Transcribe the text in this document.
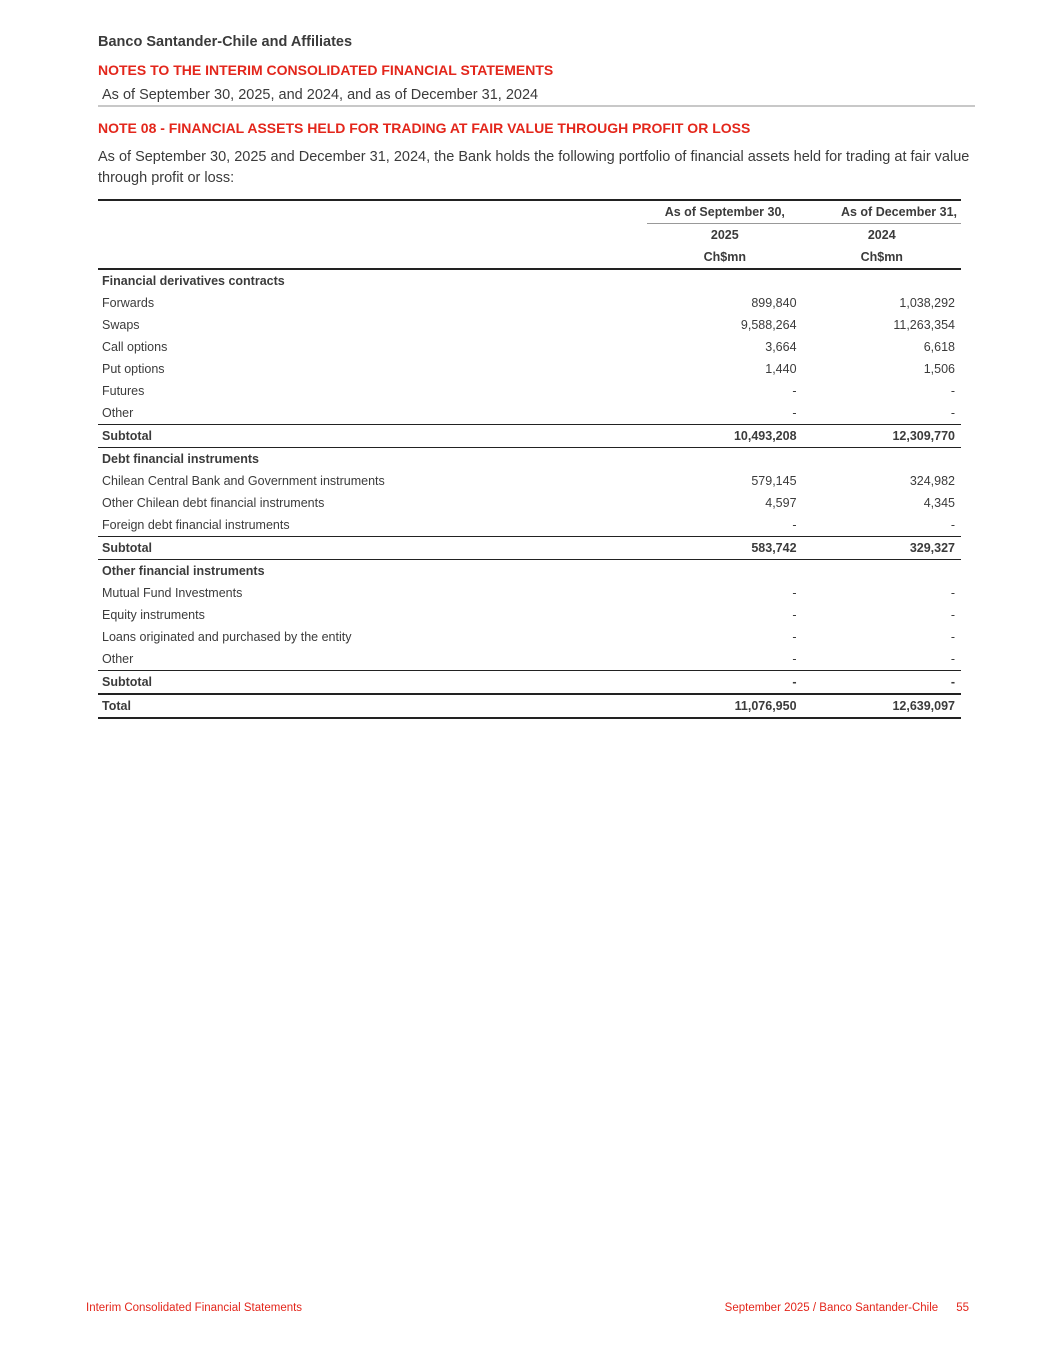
Banco Santander-Chile and Affiliates
NOTES TO THE INTERIM CONSOLIDATED FINANCIAL STATEMENTS
As of September 30, 2025, and 2024, and as of December 31, 2024
NOTE 08 - FINANCIAL ASSETS HELD FOR TRADING AT FAIR VALUE THROUGH PROFIT OR LOSS
As of September 30, 2025 and December 31, 2024, the Bank holds the following portfolio of financial assets held for trading at fair value through profit or loss:
	As of September 30,	As of December 31,
	2025	2024
	Ch$mn	Ch$mn
Financial derivatives contracts		
Forwards	899,840	1,038,292
Swaps	9,588,264	11,263,354
Call options	3,664	6,618
Put options	1,440	1,506
Futures	-	-
Other	-	-
Subtotal	10,493,208	12,309,770
Debt financial instruments		
Chilean Central Bank and Government instruments	579,145	324,982
Other Chilean debt financial instruments	4,597	4,345
Foreign debt financial instruments	-	-
Subtotal	583,742	329,327
Other financial instruments		
Mutual Fund Investments	-	-
Equity instruments	-	-
Loans originated and purchased by the entity	-	-
Other	-	-
Subtotal	-	-
Total	11,076,950	12,639,097
Interim Consolidated Financial Statements	September 2025 / Banco Santander-Chile 55
